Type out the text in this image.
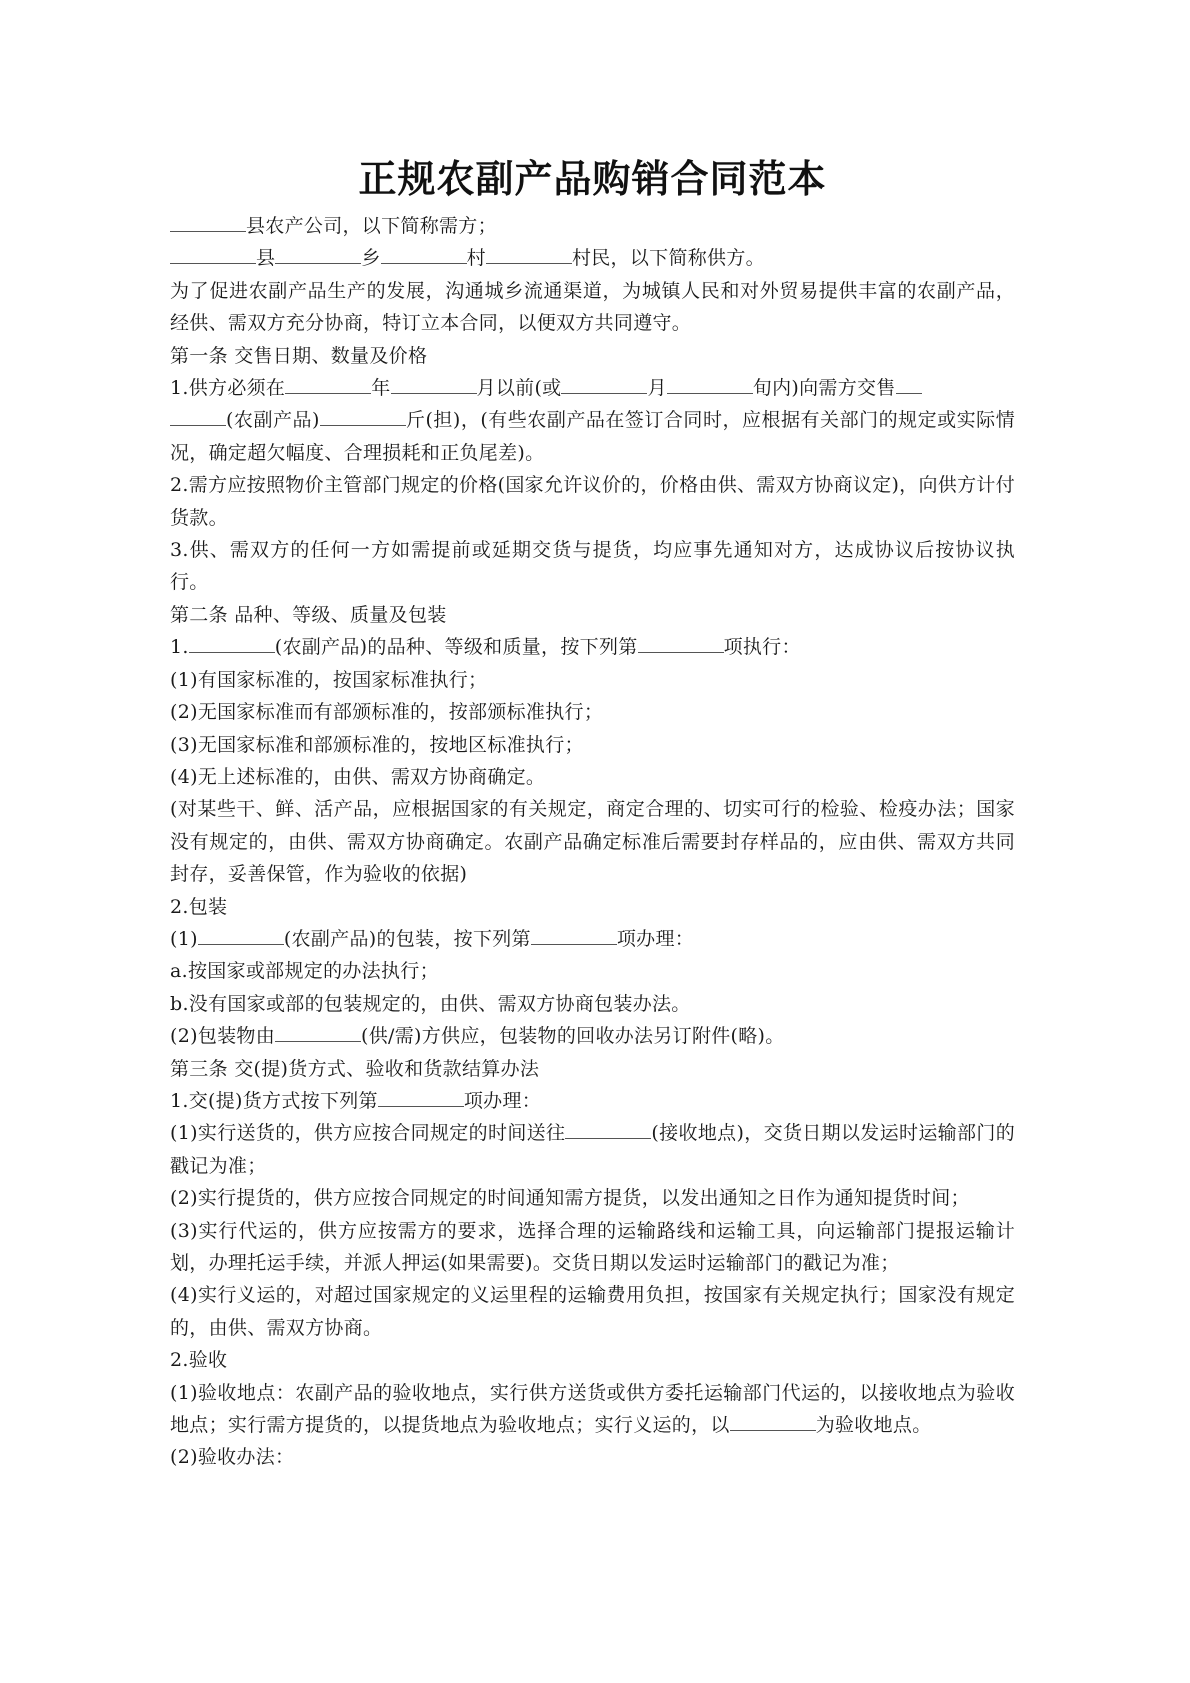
正规农副产品购销合同范本
县农产公司，以下简称需方；
县	乡	村	村民，以下简称供方。
为了促进农副产品生产的发展，沟通城乡流通渠道，为城镇人民和对外贸易提供丰富的农副产品，经供、需双方充分协商，特订立本合同，以便双方共同遵守。
第一条 交售日期、数量及价格
1.供方必须在	年	月以前(或	月	旬内)向需方交售
(农副产品)	斤(担)，(有些农副产品在签订合同时，应根据有关部门的规定或实际情况，确定超欠幅度、合理损耗和正负尾差)。
2.需方应按照物价主管部门规定的价格(国家允许议价的，价格由供、需双方协商议定)，向供方计付货款。
3.供、需双方的任何一方如需提前或延期交货与提货，均应事先通知对方，达成协议后按协议执行。
第二条 品种、等级、质量及包装
1.	(农副产品)的品种、等级和质量，按下列第	项执行：
(1)有国家标准的，按国家标准执行；
(2)无国家标准而有部颁标准的，按部颁标准执行；
(3)无国家标准和部颁标准的，按地区标准执行；
(4)无上述标准的，由供、需双方协商确定。
(对某些干、鲜、活产品，应根据国家的有关规定，商定合理的、切实可行的检验、检疫办法；国家没有规定的，由供、需双方协商确定。农副产品确定标准后需要封存样品的，应由供、需双方共同封存，妥善保管，作为验收的依据)
2.包装
(1)	(农副产品)的包装，按下列第	项办理：
a.按国家或部规定的办法执行；
b.没有国家或部的包装规定的，由供、需双方协商包装办法。
(2)包装物由	(供/需)方供应，包装物的回收办法另订附件(略)。
第三条 交(提)货方式、验收和货款结算办法
1.交(提)货方式按下列第	项办理：
(1)实行送货的，供方应按合同规定的时间送往	(接收地点)，交货日期以发运时运输部门的戳记为准；
(2)实行提货的，供方应按合同规定的时间通知需方提货，以发出通知之日作为通知提货时间；
(3)实行代运的，供方应按需方的要求，选择合理的运输路线和运输工具，向运输部门提报运输计划，办理托运手续，并派人押运(如果需要)。交货日期以发运时运输部门的戳记为准；
(4)实行义运的，对超过国家规定的义运里程的运输费用负担，按国家有关规定执行；国家没有规定的，由供、需双方协商。
2.验收
(1)验收地点：农副产品的验收地点，实行供方送货或供方委托运输部门代运的，以接收地点为验收地点；实行需方提货的，以提货地点为验收地点；实行义运的，以	为验收地点。
(2)验收办法：
